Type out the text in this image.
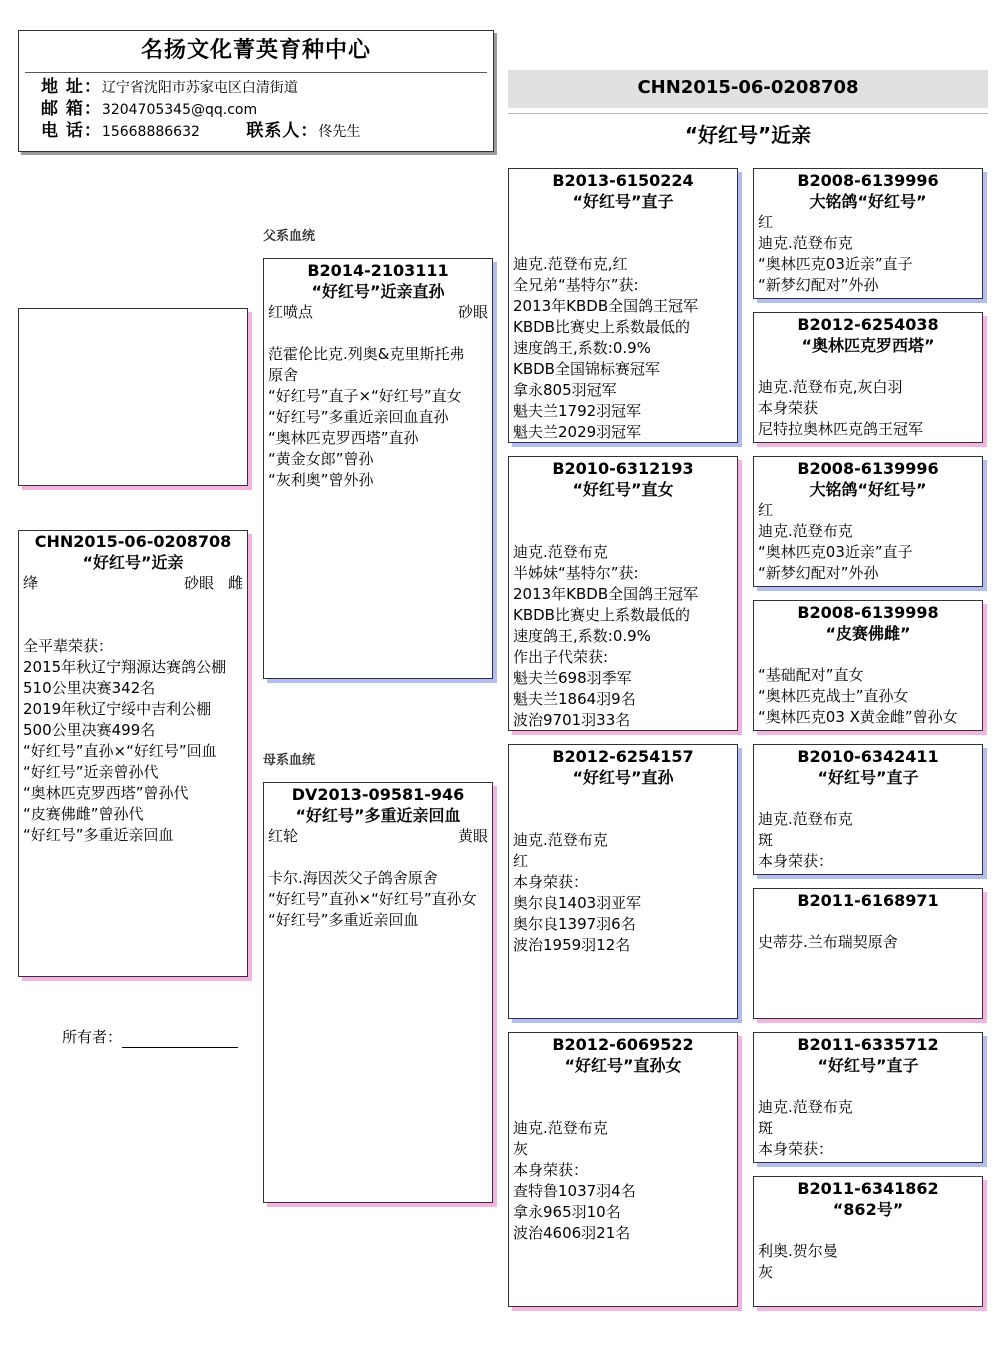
名扬文化菁英育种中心
地 址：辽宁省沈阳市苏家屯区白清街道
邮 箱：3204705345@qq.com
电 话：15668886632	联系人：佟先生
CHN2015-06-0208708
“好红号”近亲
父系血统
母系血统
CHN2015-06-0208708
“好红号”近亲
绛	砂眼 雌
全平辈荣获：
2015年秋辽宁翔源达赛鸽公棚
510公里决赛342名
2019年秋辽宁绥中吉利公棚
500公里决赛499名
“好红号”直孙×“好红号”回血
“好红号”近亲曾孙代
“奥林匹克罗西塔”曾孙代
“皮赛佛雌”曾孙代
“好红号”多重近亲回血
所有者：
B2014-2103111
“好红号”近亲直孙
红喷点	砂眼
范霍伦比克.列奥&克里斯托弗
原舍
“好红号”直子×“好红号”直女
“好红号”多重近亲回血直孙
“奥林匹克罗西塔”直孙
“黄金女郎”曾孙
“灰利奥”曾外孙
DV2013-09581-946
“好红号”多重近亲回血
红轮	黄眼
卡尔.海因茨父子鸽舍原舍
“好红号”直孙×“好红号”直孙女
“好红号”多重近亲回血
B2013-6150224
“好红号”直子
迪克.范登布克,红
全兄弟“基特尔”获:
2013年KBDB全国鸽王冠军
KBDB比赛史上系数最低的
速度鸽王,系数:0.9%
KBDB全国锦标赛冠军
拿永805羽冠军
魁夫兰1792羽冠军
魁夫兰2029羽冠军
B2010-6312193
“好红号”直女
迪克.范登布克
半姊妹“基特尔”获:
2013年KBDB全国鸽王冠军
KBDB比赛史上系数最低的
速度鸽王,系数:0.9%
作出子代荣获:
魁夫兰698羽季军
魁夫兰1864羽9名
波治9701羽33名
B2012-6254157
“好红号”直孙
迪克.范登布克
红
本身荣获：
奥尔良1403羽亚军
奥尔良1397羽6名
波治1959羽12名
B2012-6069522
“好红号”直孙女
迪克.范登布克
灰
本身荣获：
查特鲁1037羽4名
拿永965羽10名
波治4606羽21名
B2008-6139996
大铭鸽“好红号”
红
迪克.范登布克
“奥林匹克03近亲”直子
“新梦幻配对”外孙
B2012-6254038
“奥林匹克罗西塔”
迪克.范登布克,灰白羽
本身荣获
尼特拉奥林匹克鸽王冠军
B2008-6139996
大铭鸽“好红号”
红
迪克.范登布克
“奥林匹克03近亲”直子
“新梦幻配对”外孙
B2008-6139998
“皮赛佛雌”
“基础配对”直女
“奥林匹克战士”直孙女
“奥林匹克03 X黄金雌”曾孙女
B2010-6342411
“好红号”直子
迪克.范登布克
斑
本身荣获：
B2011-6168971
史蒂芬.兰布瑞契原舍
B2011-6335712
“好红号”直子
迪克.范登布克
斑
本身荣获：
B2011-6341862
“862号”
利奥.贺尔曼
灰
